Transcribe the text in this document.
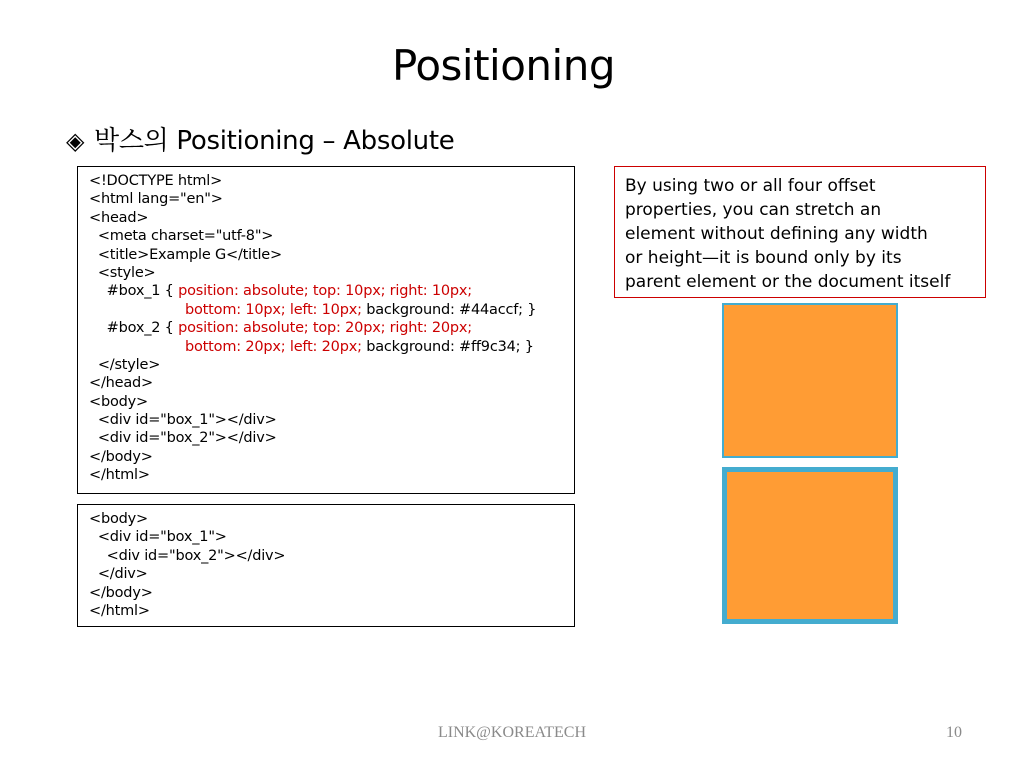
Positioning
◈ 박스의 Positioning – Absolute
<!DOCTYPE html>
<html lang="en">
<head>
<meta charset="utf-8">
<title>Example G</title>
<style>
#box_1 { position: absolute; top: 10px; right: 10px;
bottom: 10px; left: 10px; background: #44accf; }
#box_2 { position: absolute; top: 20px; right: 20px;
bottom: 20px; left: 20px; background: #ff9c34; }
</style>
</head>
<body>
<div id="box_1"></div>
<div id="box_2"></div>
</body>
</html>
<body>
<div id="box_1">
<div id="box_2"></div>
</div>
</body>
</html>
By using two or all four offset
properties, you can stretch an
element without defining any width
or height—it is bound only by its
parent element or the document itself
LINK@KOREATECH	10
